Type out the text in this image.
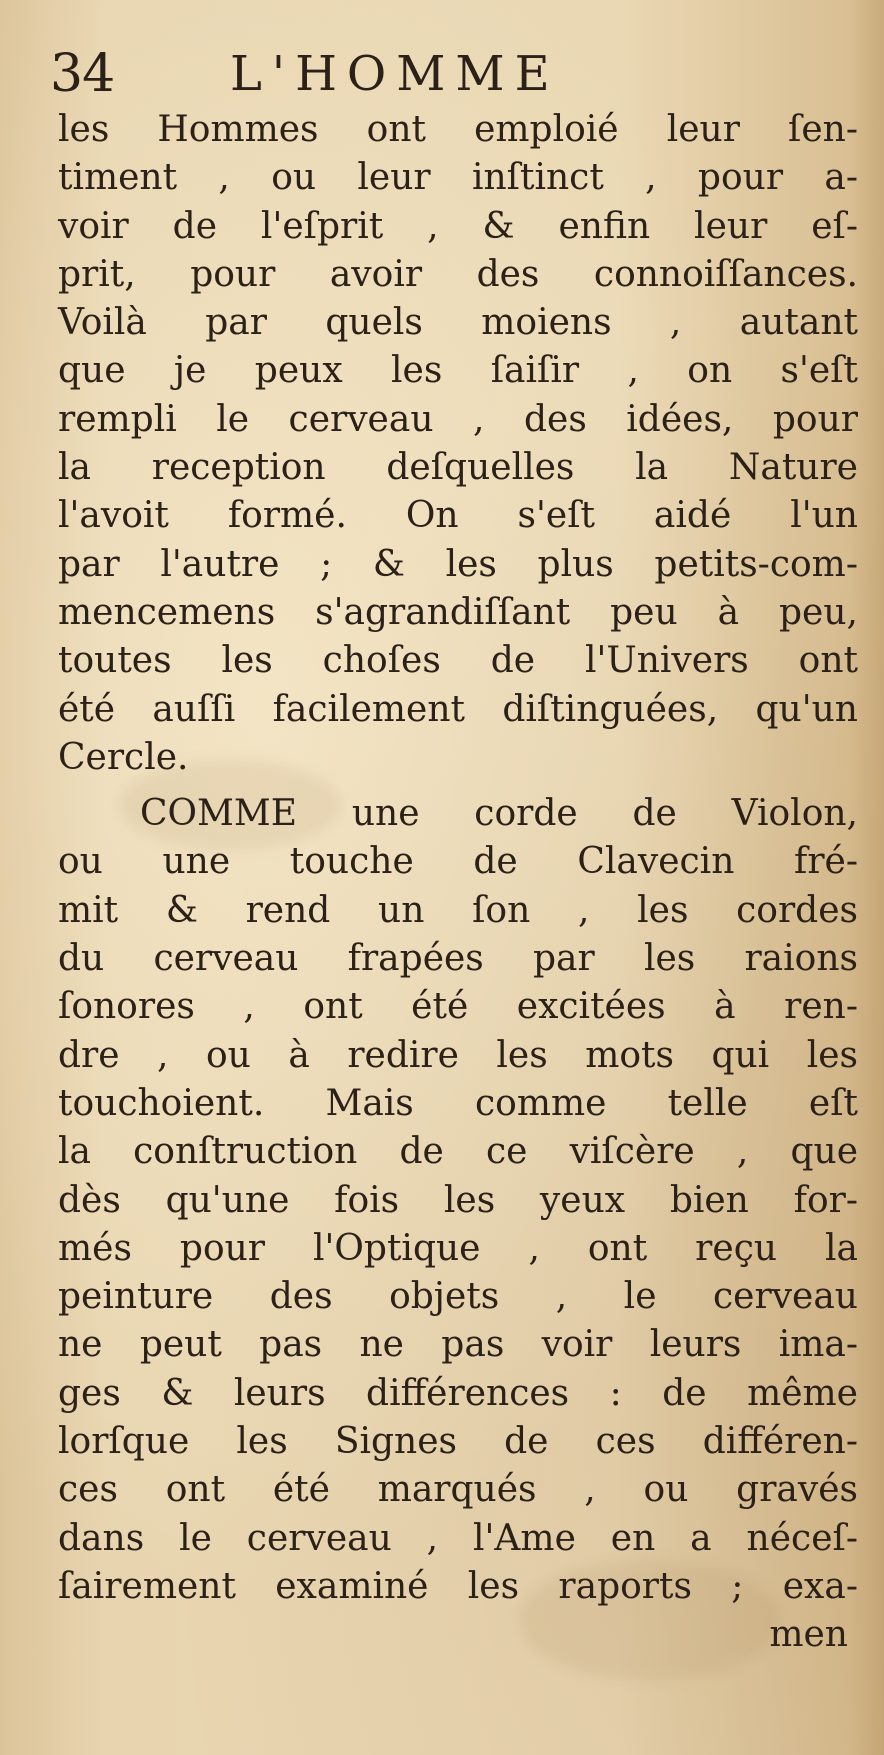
34 L'HOMME
les Hommes ont emploié leur ſen-
timent , ou leur inſtinct , pour a-
voir de l'eſprit , & enfin leur eſ-
prit, pour avoir des connoiſſances.
Voilà par quels moiens , autant
que je peux les ſaiſir , on s'eſt
rempli le cerveau , des idées, pour
la reception deſquelles la Nature
l'avoit formé. On s'eſt aidé l'un
par l'autre ; & les plus petits-com-
mencemens s'agrandiſſant peu à peu,
toutes les choſes de l'Univers ont
été auſſi facilement diſtinguées, qu'un
Cercle.
COMME une corde de Violon,
ou une touche de Clavecin fré-
mit & rend un ſon , les cordes
du cerveau frapées par les raions
ſonores , ont été excitées à ren-
dre , ou à redire les mots qui les
touchoient. Mais comme telle eſt
la conſtruction de ce viſcère , que
dès qu'une fois les yeux bien for-
més pour l'Optique , ont reçu la
peinture des objets , le cerveau
ne peut pas ne pas voir leurs ima-
ges & leurs différences : de même
lorſque les Signes de ces différen-
ces ont été marqués , ou gravés
dans le cerveau , l'Ame en a néceſ-
ſairement examiné les raports ; exa-
men
